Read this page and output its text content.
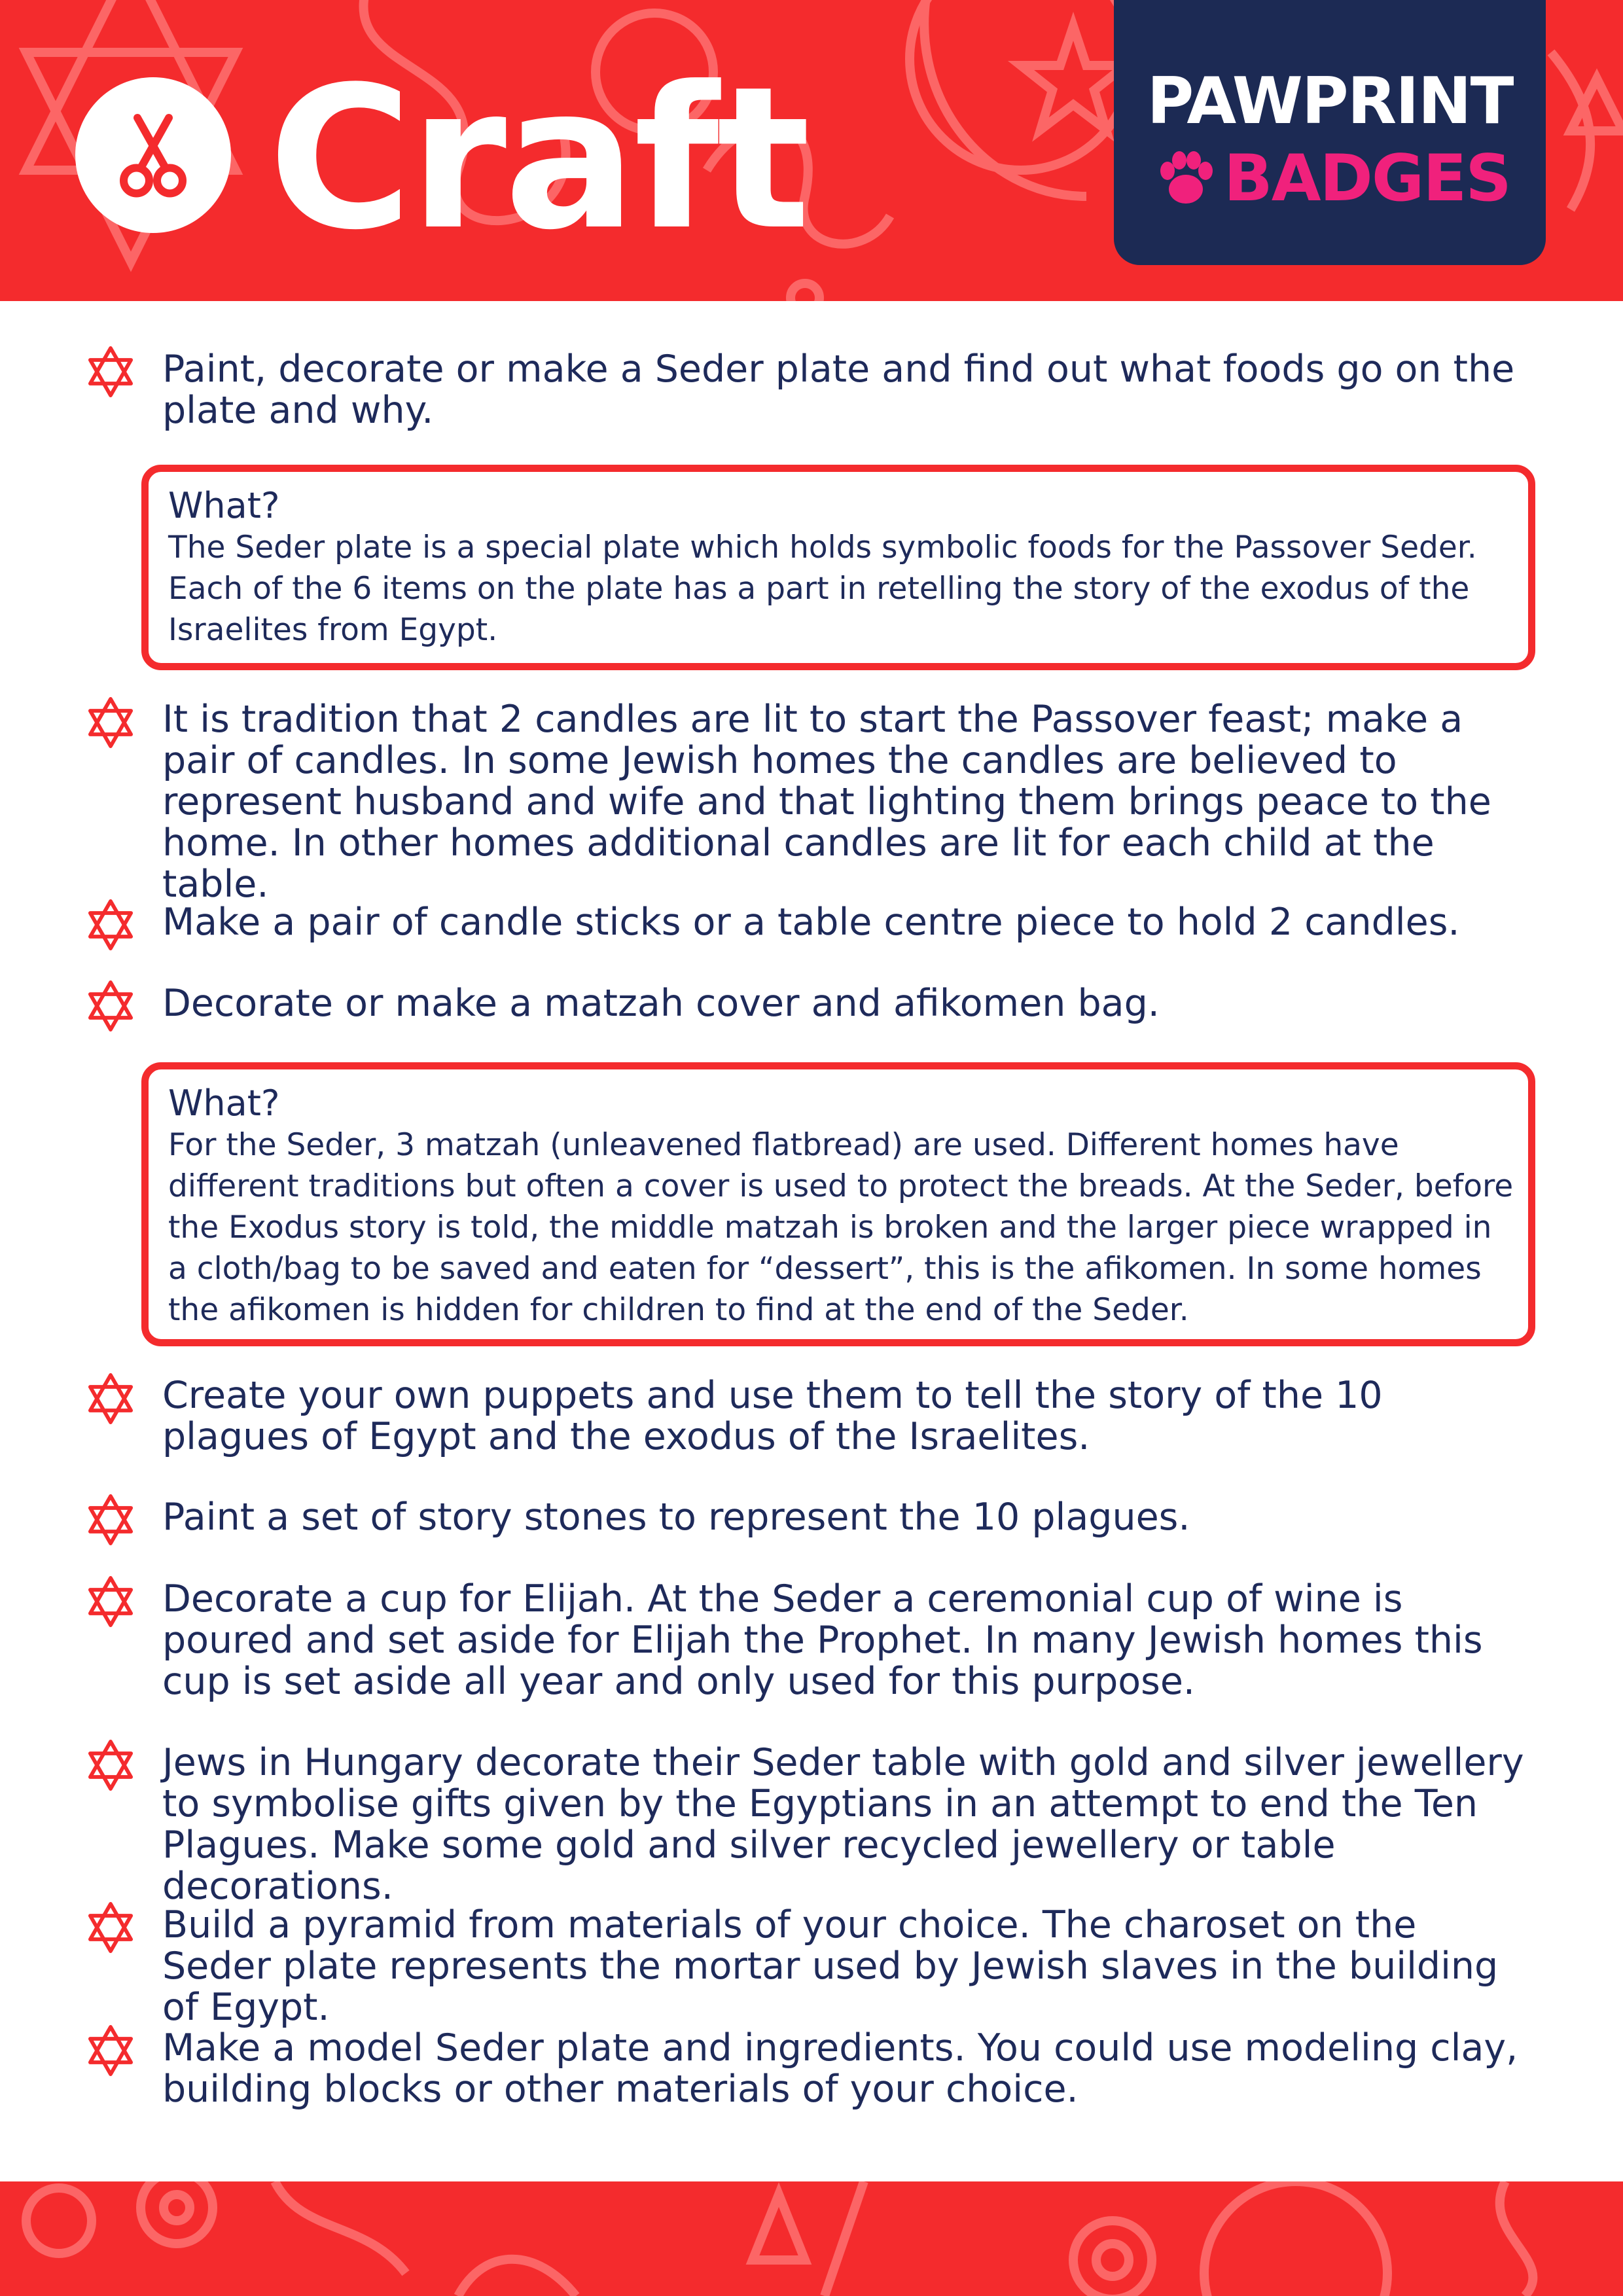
Craft	PAWPRINT
BADGES
Paint, decorate or make a Seder plate and find out what foods go on the plate and why.
What?
The Seder plate is a special plate which holds symbolic foods for the Passover Seder. Each of the 6 items on the plate has a part in retelling the story of the exodus of the Israelites from Egypt.
It is tradition that 2 candles are lit to start the Passover feast; make a pair of candles. In some Jewish homes the candles are believed to represent husband and wife and that lighting them brings peace to the home. In other homes additional candles are lit for each child at the table.
Make a pair of candle sticks or a table centre piece to hold 2 candles.
Decorate or make a matzah cover and afikomen bag.
What?
For the Seder, 3 matzah (unleavened flatbread) are used. Different homes have different traditions but often a cover is used to protect the breads. At the Seder, before the Exodus story is told, the middle matzah is broken and the larger piece wrapped in a cloth/bag to be saved and eaten for “dessert”, this is the afikomen. In some homes the afikomen is hidden for children to find at the end of the Seder.
Create your own puppets and use them to tell the story of the 10 plagues of Egypt and the exodus of the Israelites.
Paint a set of story stones to represent the 10 plagues.
Decorate a cup for Elijah. At the Seder a ceremonial cup of wine is poured and set aside for Elijah the Prophet. In many Jewish homes this cup is set aside all year and only used for this purpose.
Jews in Hungary decorate their Seder table with gold and silver jewellery to symbolise gifts given by the Egyptians in an attempt to end the Ten Plagues. Make some gold and silver recycled jewellery or table decorations.
Build a pyramid from materials of your choice. The charoset on the Seder plate represents the mortar used by Jewish slaves in the building of Egypt.
Make a model Seder plate and ingredients. You could use modeling clay, building blocks or other materials of your choice.
